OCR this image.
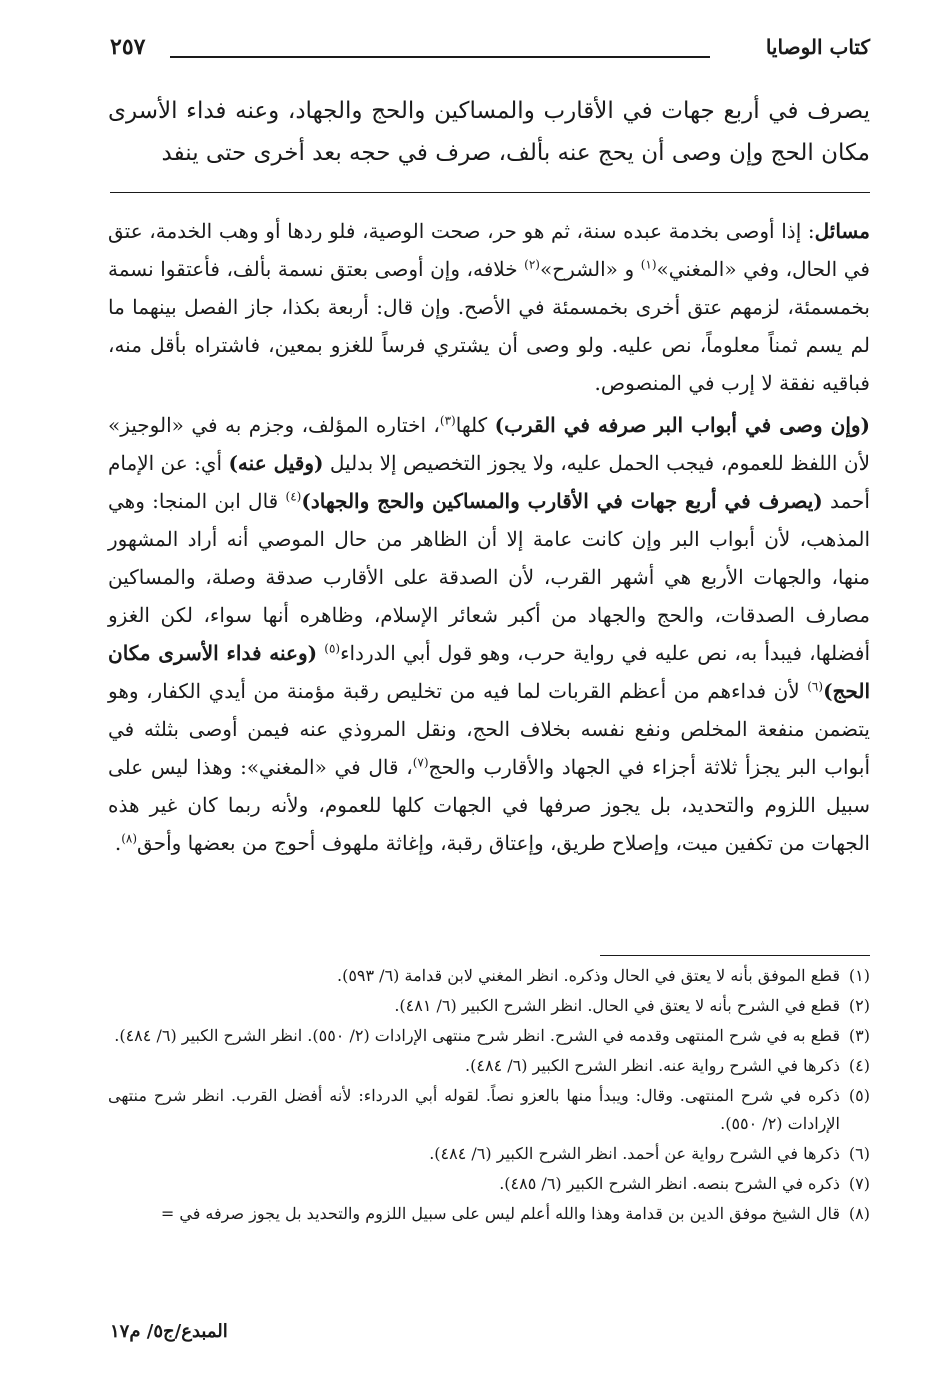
كتاب الوصايا
٢٥٧
يصرف في أربع جهات في الأقارب والمساكين والحج والجهاد، وعنه فداء الأسرى مكان الحج وإن وصى أن يحج عنه بألف، صرف في حجه بعد أخرى حتى ينفد

مسائل: إذا أوصى بخدمة عبده سنة، ثم هو حر، صحت الوصية، فلو ردها أو وهب الخدمة، عتق في الحال، وفي «المغني»$^{(١)}$ و «الشرح»$^{(٢)}$ خلافه، وإن أوصى بعتق نسمة بألف، فأعتقوا نسمة بخمسمئة، لزمهم عتق أخرى بخمسمئة في الأصح. وإن قال: أربعة بكذا، جاز الفصل بينهما ما لم يسم ثمناً معلوماً، نص عليه. ولو وصى أن يشتري فرساً للغزو بمعين، فاشتراه بأقل منه، فباقيه نفقة لا إرب في المنصوص.

(وإن وصى في أبواب البر صرفه في القرب) كلها$^{(٣)}$، اختاره المؤلف، وجزم به في «الوجيز» لأن اللفظ للعموم، فيجب الحمل عليه، ولا يجوز التخصيص إلا بدليل (وقيل عنه) أي: عن الإمام أحمد (يصرف في أربع جهات في الأقارب والمساكين والحج والجهاد)$^{(٤)}$ قال ابن المنجا: وهي المذهب، لأن أبواب البر وإن كانت عامة إلا أن الظاهر من حال الموصي أنه أراد المشهور منها، والجهات الأربع هي أشهر القرب، لأن الصدقة على الأقارب صدقة وصلة، والمساكين مصارف الصدقات، والحج والجهاد من أكبر شعائر الإسلام، وظاهره أنها سواء، لكن الغزو أفضلها، فيبدأ به، نص عليه في رواية حرب، وهو قول أبي الدرداء$^{(٥)}$ (وعنه فداء الأسرى مكان الحج)$^{(٦)}$ لأن فداءهم من أعظم القربات لما فيه من تخليص رقبة مؤمنة من أيدي الكفار، وهو يتضمن منفعة المخلص ونفع نفسه بخلاف الحج، ونقل المروذي عنه فيمن أوصى بثلثه في أبواب البر يجزأ ثلاثة أجزاء في الجهاد والأقارب والحج$^{(٧)}$، قال في «المغني»: وهذا ليس على سبيل اللزوم والتحديد، بل يجوز صرفها في الجهات كلها للعموم، ولأنه ربما كان غير هذه الجهات من تكفين ميت، وإصلاح طريق، وإعتاق رقبة، وإغاثة ملهوف أحوج من بعضها وأحق$^{(٨)}$.

(١)
قطع الموفق بأنه لا يعتق في الحال وذكره. انظر المغني لابن قدامة (٦/ ٥٩٣).
(٢)
قطع في الشرح بأنه لا يعتق في الحال. انظر الشرح الكبير (٦/ ٤٨١).
(٣)
قطع به في شرح المنتهى وقدمه في الشرح. انظر شرح منتهى الإرادات (٢/ ٥٥٠). انظر الشرح الكبير (٦/ ٤٨٤).
(٤)
ذكرها في الشرح رواية عنه. انظر الشرح الكبير (٦/ ٤٨٤).
(٥)
ذكره في شرح المنتهى. وقال: ويبدأ منها بالعزو نصاً. لقوله أبي الدرداء: لأنه أفضل القرب. انظر شرح منتهى الإرادات (٢/ ٥٥٠).
(٦)
ذكرها في الشرح رواية عن أحمد. انظر الشرح الكبير (٦/ ٤٨٤).
(٧)
ذكره في الشرح بنصه. انظر الشرح الكبير (٦/ ٤٨٥).
(٨)
قال الشيخ موفق الدين بن قدامة وهذا والله أعلم ليس على سبيل اللزوم والتحديد بل يجوز صرفه في =
المبدع/ج٥/ م١٧
